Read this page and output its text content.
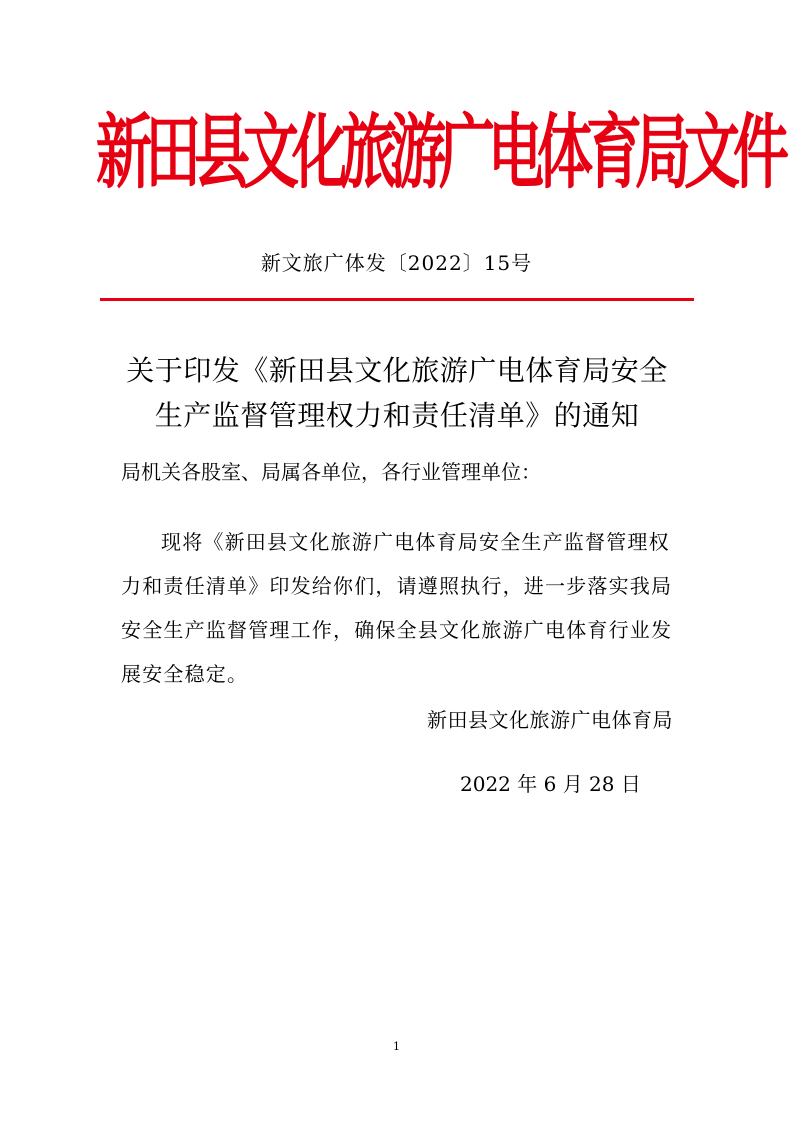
新田县文化旅游广电体育局文件
新文旅广体发〔2022〕15号
关于印发《新田县文化旅游广电体育局安全
生产监督管理权力和责任清单》的通知
局机关各股室、局属各单位，各行业管理单位：
现将《新田县文化旅游广电体育局安全生产监督管理权
力和责任清单》印发给你们，请遵照执行，进一步落实我局
安全生产监督管理工作，确保全县文化旅游广电体育行业发
展安全稳定。
新田县文化旅游广电体育局
2022 年 6 月 28 日
1
